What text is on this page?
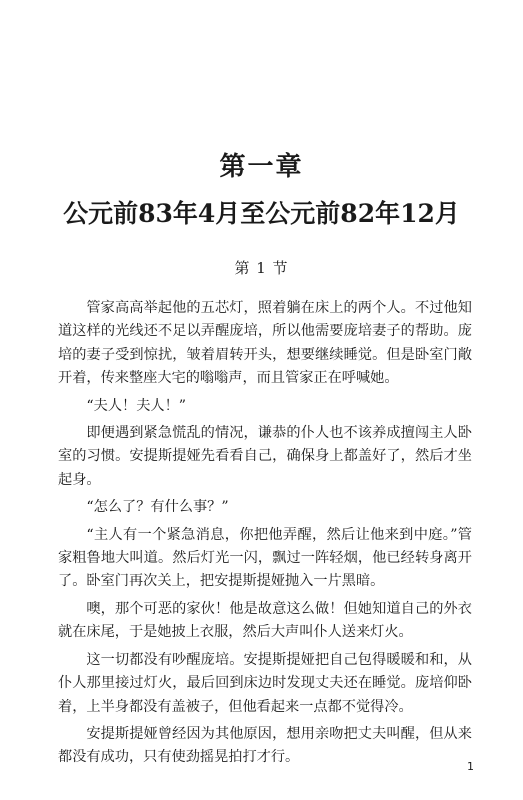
第一章
公元前83年4月至公元前82年12月
第 1 节

管家高高举起他的五芯灯，照着躺在床上的两个人。不过他知道这样的光线还不足以弄醒庞培，所以他需要庞培妻子的帮助。庞培的妻子受到惊扰，皱着眉转开头，想要继续睡觉。但是卧室门敞开着，传来整座大宅的嗡嗡声，而且管家正在呼喊她。

“夫人！夫人！”

即便遇到紧急慌乱的情况，谦恭的仆人也不该养成擅闯主人卧室的习惯。安提斯提娅先看看自己，确保身上都盖好了，然后才坐起身。

“怎么了？有什么事？”

“主人有一个紧急消息，你把他弄醒，然后让他来到中庭。”管家粗鲁地大叫道。然后灯光一闪，飘过一阵轻烟，他已经转身离开了。卧室门再次关上，把安提斯提娅抛入一片黑暗。

噢，那个可恶的家伙！他是故意这么做！但她知道自己的外衣就在床尾，于是她披上衣服，然后大声叫仆人送来灯火。

这一切都没有吵醒庞培。安提斯提娅把自己包得暖暖和和，从仆人那里接过灯火，最后回到床边时发现丈夫还在睡觉。庞培仰卧着，上半身都没有盖被子，但他看起来一点都不觉得冷。

安提斯提娅曾经因为其他原因，想用亲吻把丈夫叫醒，但从来都没有成功，只有使劲摇晃拍打才行。

1
